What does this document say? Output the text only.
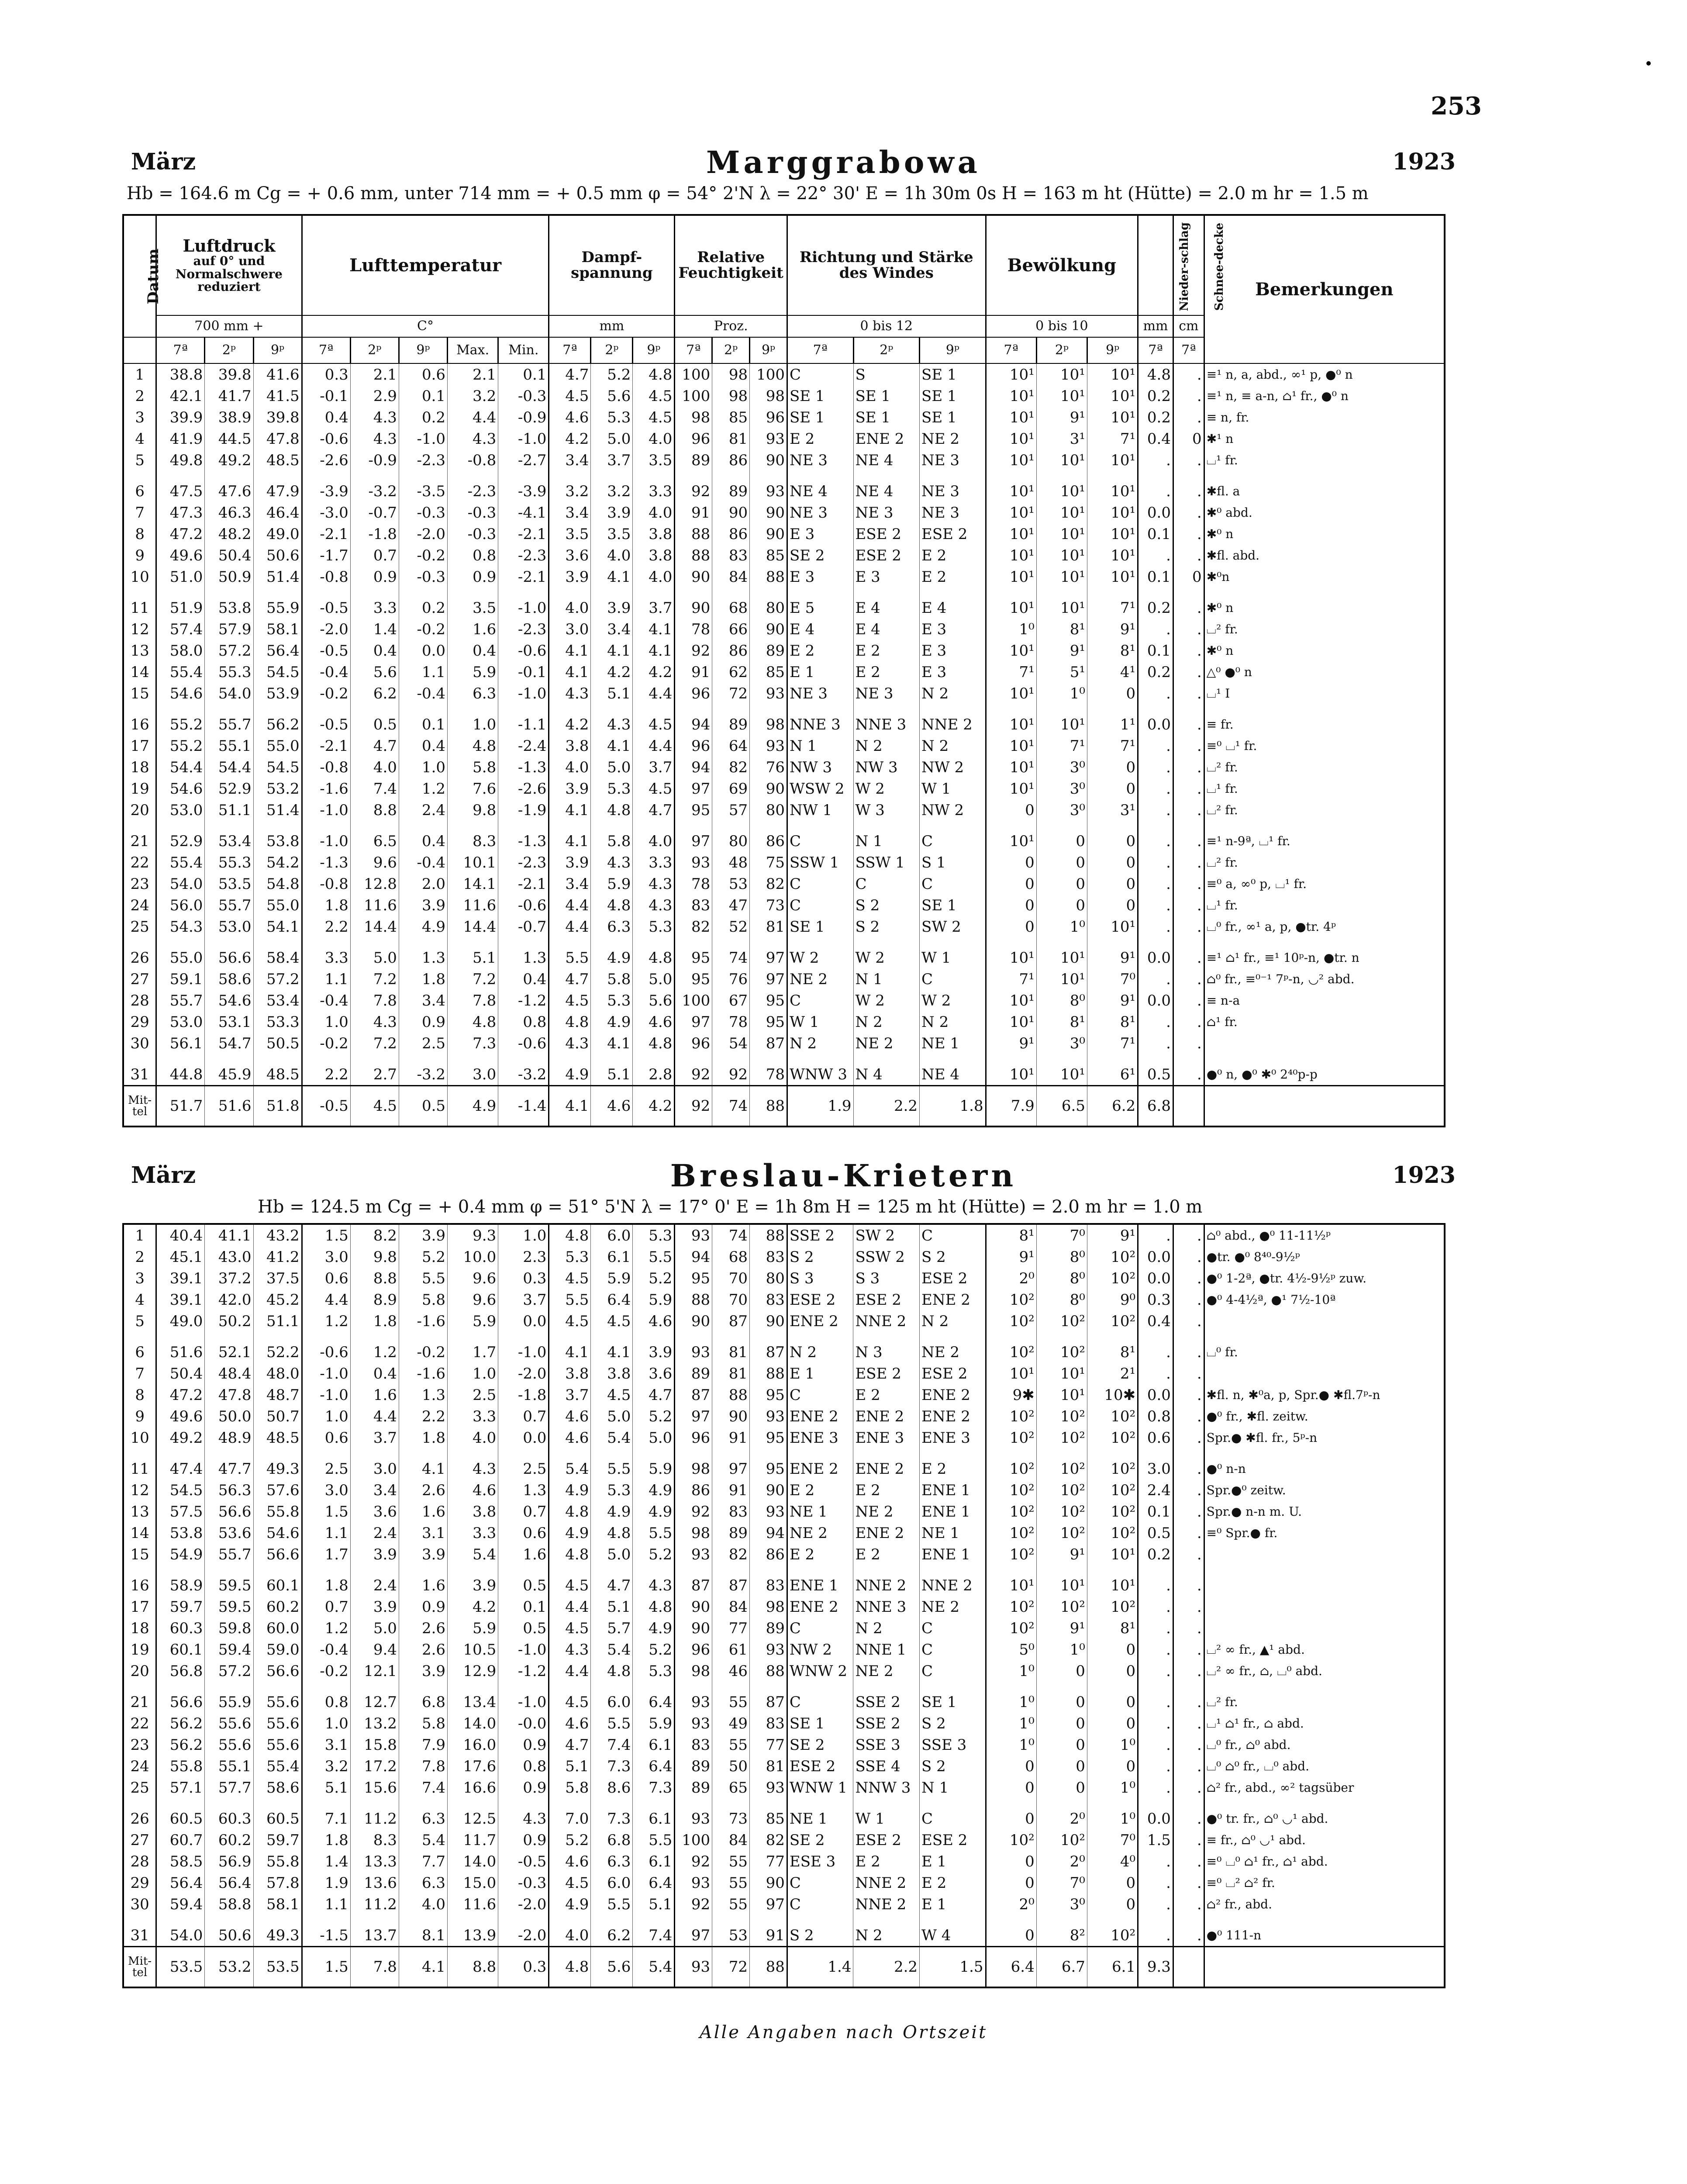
253
März	Marggrabowa	1923
Hb = 164.6 m Cg = + 0.6 mm, unter 714 mm = + 0.5 mm φ = 54° 2'N λ = 22° 30' E = 1h 30m 0s H = 163 m ht (Hütte) = 2.0 m hr = 1.5 m
Datum	Luftdruck
auf 0° und Normalschwere reduziert			Lufttemperatur					Dampf-spannung			Relative Feuchtigkeit			Richtung und Stärke des Windes			Bewölkung			Nieder-schlag	Schnee-decke	Bemerkungen
	700 mm +			C°					mm			Proz.			0 bis 12			0 bis 10			mm	cm	
	7ª	2ᵖ	9ᵖ	7ª	2ᵖ	9ᵖ	Max.	Min.	7ª	2ᵖ	9ᵖ	7ª	2ᵖ	9ᵖ	7ª	2ᵖ	9ᵖ	7ª	2ᵖ	9ᵖ	7ª	7ª	
1	38.8	39.8	41.6	0.3	2.1	0.6	2.1	0.1	4.7	5.2	4.8	100	98	100	C	S	SE 1	10¹	10¹	10¹	4.8	.	≡¹ n, a, abd., ∞¹ p, ●⁰ n
2	42.1	41.7	41.5	-0.1	2.9	0.1	3.2	-0.3	4.5	5.6	4.5	100	98	98	SE 1	SE 1	SE 1	10¹	10¹	10¹	0.2	.	≡¹ n, ≡ a-n, ⌂¹ fr., ●⁰ n
3	39.9	38.9	39.8	0.4	4.3	0.2	4.4	-0.9	4.6	5.3	4.5	98	85	96	SE 1	SE 1	SE 1	10¹	9¹	10¹	0.2	.	≡ n, fr.
4	41.9	44.5	47.8	-0.6	4.3	-1.0	4.3	-1.0	4.2	5.0	4.0	96	81	93	E 2	ENE 2	NE 2	10¹	3¹	7¹	0.4	0	✱¹ n
5	49.8	49.2	48.5	-2.6	-0.9	-2.3	-0.8	-2.7	3.4	3.7	3.5	89	86	90	NE 3	NE 4	NE 3	10¹	10¹	10¹	.	.	⌴¹ fr.

6	47.5	47.6	47.9	-3.9	-3.2	-3.5	-2.3	-3.9	3.2	3.2	3.3	92	89	93	NE 4	NE 4	NE 3	10¹	10¹	10¹	.	.	✱fl. a
7	47.3	46.3	46.4	-3.0	-0.7	-0.3	-0.3	-4.1	3.4	3.9	4.0	91	90	90	NE 3	NE 3	NE 3	10¹	10¹	10¹	0.0	.	✱⁰ abd.
8	47.2	48.2	49.0	-2.1	-1.8	-2.0	-0.3	-2.1	3.5	3.5	3.8	88	86	90	E 3	ESE 2	ESE 2	10¹	10¹	10¹	0.1	.	✱⁰ n
9	49.6	50.4	50.6	-1.7	0.7	-0.2	0.8	-2.3	3.6	4.0	3.8	88	83	85	SE 2	ESE 2	E 2	10¹	10¹	10¹	.	.	✱fl. abd.
10	51.0	50.9	51.4	-0.8	0.9	-0.3	0.9	-2.1	3.9	4.1	4.0	90	84	88	E 3	E 3	E 2	10¹	10¹	10¹	0.1	0	✱⁰n

11	51.9	53.8	55.9	-0.5	3.3	0.2	3.5	-1.0	4.0	3.9	3.7	90	68	80	E 5	E 4	E 4	10¹	10¹	7¹	0.2	.	✱⁰ n
12	57.4	57.9	58.1	-2.0	1.4	-0.2	1.6	-2.3	3.0	3.4	4.1	78	66	90	E 4	E 4	E 3	1⁰	8¹	9¹	.	.	⌴² fr.
13	58.0	57.2	56.4	-0.5	0.4	0.0	0.4	-0.6	4.1	4.1	4.1	92	86	89	E 2	E 2	E 3	10¹	9¹	8¹	0.1	.	✱⁰ n
14	55.4	55.3	54.5	-0.4	5.6	1.1	5.9	-0.1	4.1	4.2	4.2	91	62	85	E 1	E 2	E 3	7¹	5¹	4¹	0.2	.	△⁰ ●⁰ n
15	54.6	54.0	53.9	-0.2	6.2	-0.4	6.3	-1.0	4.3	5.1	4.4	96	72	93	NE 3	NE 3	N 2	10¹	1⁰	0	.	.	⌴¹ I

16	55.2	55.7	56.2	-0.5	0.5	0.1	1.0	-1.1	4.2	4.3	4.5	94	89	98	NNE 3	NNE 3	NNE 2	10¹	10¹	1¹	0.0	.	≡ fr.
17	55.2	55.1	55.0	-2.1	4.7	0.4	4.8	-2.4	3.8	4.1	4.4	96	64	93	N 1	N 2	N 2	10¹	7¹	7¹	.	.	≡⁰ ⌴¹ fr.
18	54.4	54.4	54.5	-0.8	4.0	1.0	5.8	-1.3	4.0	5.0	3.7	94	82	76	NW 3	NW 3	NW 2	10¹	3⁰	0	.	.	⌴² fr.
19	54.6	52.9	53.2	-1.6	7.4	1.2	7.6	-2.6	3.9	5.3	4.5	97	69	90	WSW 2	W 2	W 1	10¹	3⁰	0	.	.	⌴¹ fr.
20	53.0	51.1	51.4	-1.0	8.8	2.4	9.8	-1.9	4.1	4.8	4.7	95	57	80	NW 1	W 3	NW 2	0	3⁰	3¹	.	.	⌴² fr.

21	52.9	53.4	53.8	-1.0	6.5	0.4	8.3	-1.3	4.1	5.8	4.0	97	80	86	C	N 1	C	10¹	0	0	.	.	≡¹ n-9ª, ⌴¹ fr.
22	55.4	55.3	54.2	-1.3	9.6	-0.4	10.1	-2.3	3.9	4.3	3.3	93	48	75	SSW 1	SSW 1	S 1	0	0	0	.	.	⌴² fr.
23	54.0	53.5	54.8	-0.8	12.8	2.0	14.1	-2.1	3.4	5.9	4.3	78	53	82	C	C	C	0	0	0	.	.	≡⁰ a, ∞⁰ p, ⌴¹ fr.
24	56.0	55.7	55.0	1.8	11.6	3.9	11.6	-0.6	4.4	4.8	4.3	83	47	73	C	S 2	SE 1	0	0	0	.	.	⌴¹ fr.
25	54.3	53.0	54.1	2.2	14.4	4.9	14.4	-0.7	4.4	6.3	5.3	82	52	81	SE 1	S 2	SW 2	0	1⁰	10¹	.	.	⌴⁰ fr., ∞¹ a, p, ●tr. 4ᵖ

26	55.0	56.6	58.4	3.3	5.0	1.3	5.1	1.3	5.5	4.9	4.8	95	74	97	W 2	W 2	W 1	10¹	10¹	9¹	0.0	.	≡¹ ⌂¹ fr., ≡¹ 10ᵖ-n, ●tr. n
27	59.1	58.6	57.2	1.1	7.2	1.8	7.2	0.4	4.7	5.8	5.0	95	76	97	NE 2	N 1	C	7¹	10¹	7⁰	.	.	⌂⁰ fr., ≡⁰⁻¹ 7ᵖ-n, ◡² abd.
28	55.7	54.6	53.4	-0.4	7.8	3.4	7.8	-1.2	4.5	5.3	5.6	100	67	95	C	W 2	W 2	10¹	8⁰	9¹	0.0	.	≡ n-a
29	53.0	53.1	53.3	1.0	4.3	0.9	4.8	0.8	4.8	4.9	4.6	97	78	95	W 1	N 2	N 2	10¹	8¹	8¹	.	.	⌂¹ fr.
30	56.1	54.7	50.5	-0.2	7.2	2.5	7.3	-0.6	4.3	4.1	4.8	96	54	87	N 2	NE 2	NE 1	9¹	3⁰	7¹	.	.	

31	44.8	45.9	48.5	2.2	2.7	-3.2	3.0	-3.2	4.9	5.1	2.8	92	92	78	WNW 3	N 4	NE 4	10¹	10¹	6¹	0.5	.	●⁰ n, ●⁰ ✱⁰ 2⁴⁰p-p
Mit-tel	51.7	51.6	51.8	-0.5	4.5	0.5	4.9	-1.4	4.1	4.6	4.2	92	74	88	1.9	2.2	1.8	7.9	6.5	6.2	6.8		
März	Breslau-Krietern	1923
Hb = 124.5 m Cg = + 0.4 mm φ = 51° 5'N λ = 17° 0' E = 1h 8m H = 125 m ht (Hütte) = 2.0 m hr = 1.0 m
1	40.4	41.1	43.2	1.5	8.2	3.9	9.3	1.0	4.8	6.0	5.3	93	74	88	SSE 2	SW 2	C	8¹	7⁰	9¹	.	.	⌂⁰ abd., ●⁰ 11-11½ᵖ
2	45.1	43.0	41.2	3.0	9.8	5.2	10.0	2.3	5.3	6.1	5.5	94	68	83	S 2	SSW 2	S 2	9¹	8⁰	10²	0.0	.	●tr. ●⁰ 8⁴⁰-9½ᵖ
3	39.1	37.2	37.5	0.6	8.8	5.5	9.6	0.3	4.5	5.9	5.2	95	70	80	S 3	S 3	ESE 2	2⁰	8⁰	10²	0.0	.	●⁰ 1-2ª, ●tr. 4½-9½ᵖ zuw.
4	39.1	42.0	45.2	4.4	8.9	5.8	9.6	3.7	5.5	6.4	5.9	88	70	83	ESE 2	ESE 2	ENE 2	10²	8⁰	9⁰	0.3	.	●⁰ 4-4½ª, ●¹ 7½-10ª
5	49.0	50.2	51.1	1.2	1.8	-1.6	5.9	0.0	4.5	4.5	4.6	90	87	90	ENE 2	NNE 2	N 2	10²	10²	10²	0.4	.	

6	51.6	52.1	52.2	-0.6	1.2	-0.2	1.7	-1.0	4.1	4.1	3.9	93	81	87	N 2	N 3	NE 2	10²	10²	8¹	.	.	⌴⁰ fr.
7	50.4	48.4	48.0	-1.0	0.4	-1.6	1.0	-2.0	3.8	3.8	3.6	89	81	88	E 1	ESE 2	ESE 2	10¹	10¹	2¹	.	.	
8	47.2	47.8	48.7	-1.0	1.6	1.3	2.5	-1.8	3.7	4.5	4.7	87	88	95	C	E 2	ENE 2	9✱	10¹	10✱	0.0	.	✱fl. n, ✱⁰a, p, Spr.● ✱fl.7ᵖ-n
9	49.6	50.0	50.7	1.0	4.4	2.2	3.3	0.7	4.6	5.0	5.2	97	90	93	ENE 2	ENE 2	ENE 2	10²	10²	10²	0.8	.	●⁰ fr., ✱fl. zeitw.
10	49.2	48.9	48.5	0.6	3.7	1.8	4.0	0.0	4.6	5.4	5.0	96	91	95	ENE 3	ENE 3	ENE 3	10²	10²	10²	0.6	.	Spr.● ✱fl. fr., 5ᵖ-n

11	47.4	47.7	49.3	2.5	3.0	4.1	4.3	2.5	5.4	5.5	5.9	98	97	95	ENE 2	ENE 2	E 2	10²	10²	10²	3.0	.	●⁰ n-n
12	54.5	56.3	57.6	3.0	3.4	2.6	4.6	1.3	4.9	5.3	4.9	86	91	90	E 2	E 2	ENE 1	10²	10²	10²	2.4	.	Spr.●⁰ zeitw.
13	57.5	56.6	55.8	1.5	3.6	1.6	3.8	0.7	4.8	4.9	4.9	92	83	93	NE 1	NE 2	ENE 1	10²	10²	10²	0.1	.	Spr.● n-n m. U.
14	53.8	53.6	54.6	1.1	2.4	3.1	3.3	0.6	4.9	4.8	5.5	98	89	94	NE 2	ENE 2	NE 1	10²	10²	10²	0.5	.	≡⁰ Spr.● fr.
15	54.9	55.7	56.6	1.7	3.9	3.9	5.4	1.6	4.8	5.0	5.2	93	82	86	E 2	E 2	ENE 1	10²	9¹	10¹	0.2	.	

16	58.9	59.5	60.1	1.8	2.4	1.6	3.9	0.5	4.5	4.7	4.3	87	87	83	ENE 1	NNE 2	NNE 2	10¹	10¹	10¹	.	.	
17	59.7	59.5	60.2	0.7	3.9	0.9	4.2	0.1	4.4	5.1	4.8	90	84	98	ENE 2	NNE 3	NE 2	10²	10²	10²	.	.	
18	60.3	59.8	60.0	1.2	5.0	2.6	5.9	0.5	4.5	5.7	4.9	90	77	89	C	N 2	C	10²	9¹	8¹	.	.	
19	60.1	59.4	59.0	-0.4	9.4	2.6	10.5	-1.0	4.3	5.4	5.2	96	61	93	NW 2	NNE 1	C	5⁰	1⁰	0	.	.	⌴² ∞ fr., ▲¹ abd.
20	56.8	57.2	56.6	-0.2	12.1	3.9	12.9	-1.2	4.4	4.8	5.3	98	46	88	WNW 2	NE 2	C	1⁰	0	0	.	.	⌴² ∞ fr., ⌂, ⌴⁰ abd.

21	56.6	55.9	55.6	0.8	12.7	6.8	13.4	-1.0	4.5	6.0	6.4	93	55	87	C	SSE 2	SE 1	1⁰	0	0	.	.	⌴² fr.
22	56.2	55.6	55.6	1.0	13.2	5.8	14.0	-0.0	4.6	5.5	5.9	93	49	83	SE 1	SSE 2	S 2	1⁰	0	0	.	.	⌴¹ ⌂¹ fr., ⌂ abd.
23	56.2	55.6	55.6	3.1	15.8	7.9	16.0	0.9	4.7	7.4	6.1	83	55	77	SE 2	SSE 3	SSE 3	1⁰	0	1⁰	.	.	⌴⁰ fr., ⌂⁰ abd.
24	55.8	55.1	55.4	3.2	17.2	7.8	17.6	0.8	5.1	7.3	6.4	89	50	81	ESE 2	SSE 4	S 2	0	0	0	.	.	⌴⁰ ⌂⁰ fr., ⌴⁰ abd.
25	57.1	57.7	58.6	5.1	15.6	7.4	16.6	0.9	5.8	8.6	7.3	89	65	93	WNW 1	NNW 3	N 1	0	0	1⁰	.	.	⌂² fr., abd., ∞² tagsüber

26	60.5	60.3	60.5	7.1	11.2	6.3	12.5	4.3	7.0	7.3	6.1	93	73	85	NE 1	W 1	C	0	2⁰	1⁰	0.0	.	●⁰ tr. fr., ⌂⁰ ◡¹ abd.
27	60.7	60.2	59.7	1.8	8.3	5.4	11.7	0.9	5.2	6.8	5.5	100	84	82	SE 2	ESE 2	ESE 2	10²	10²	7⁰	1.5	.	≡ fr., ⌂⁰ ◡¹ abd.
28	58.5	56.9	55.8	1.4	13.3	7.7	14.0	-0.5	4.6	6.3	6.1	92	55	77	ESE 3	E 2	E 1	0	2⁰	4⁰	.	.	≡⁰ ⌴⁰ ⌂¹ fr., ⌂¹ abd.
29	56.4	56.4	57.8	1.9	13.6	6.3	15.0	-0.3	4.5	6.0	6.4	93	55	90	C	NNE 2	E 2	0	7⁰	0	.	.	≡⁰ ⌴² ⌂² fr.
30	59.4	58.8	58.1	1.1	11.2	4.0	11.6	-2.0	4.9	5.5	5.1	92	55	97	C	NNE 2	E 1	2⁰	3⁰	0	.	.	⌂² fr., abd.

31	54.0	50.6	49.3	-1.5	13.7	8.1	13.9	-2.0	4.0	6.2	7.4	97	53	91	S 2	N 2	W 4	0	8²	10²	.	.	●⁰ 111-n
Mit-tel	53.5	53.2	53.5	1.5	7.8	4.1	8.8	0.3	4.8	5.6	5.4	93	72	88	1.4	2.2	1.5	6.4	6.7	6.1	9.3		
Alle Angaben nach Ortszeit
